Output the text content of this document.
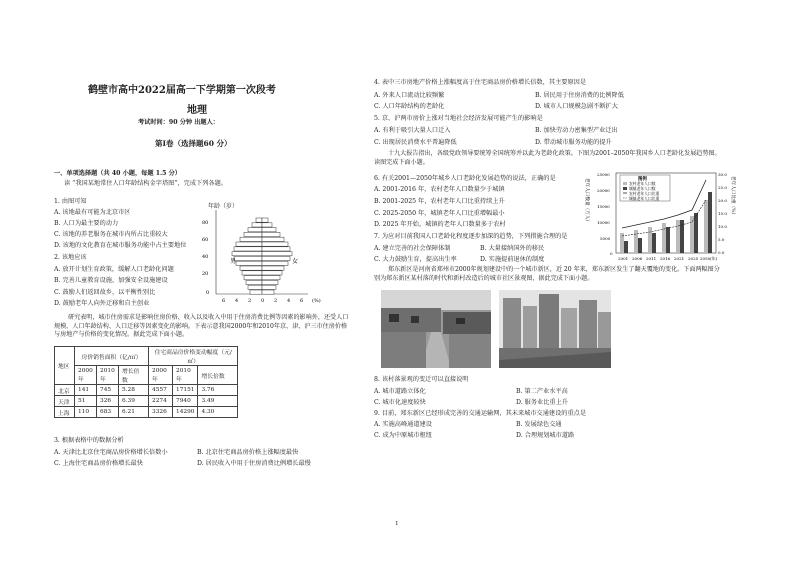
鹤壁市高中2022届高一下学期第一次段考
地理
考试时间：90 分钟 出题人：
第Ⅰ卷（选择题60 分）
一、单项选择题（共 40 小题，每题 1.5 分）
读 “我国某地常住人口年龄结构金字塔图”，完成下列各题。
1. 由图可知
A. 该地最有可能为北京市区
B. 人口为最主要的动力
C. 该地的养老服务在城市内所占比重较大
D. 该地的文化教育在城市服务功能中占主要地位
2. 该地应该
A. 放开计划生育政策，缓解人口老龄化问题
B. 完善儿童教育设施，加强安全设施建设
C. 鼓励人们返回故乡，以平衡性别比
D. 鼓励老年人向外迁移和自主创业
年龄（岁）
80
60
40
20
0
男	女
6 4 2 0 2 4 6 (%)
研究表明，城市住房需求是影响住房价格、收入以及收入中用于住房消费比例等因素的影响外，还受人口规模、人口年龄结构、人口迁移等因素变化的影响。下表示意我国2000年和2010年京、津、沪三市住房价格与房地产与价格的变化情况。据此完成下面小题。
地区	房价销售面积（亿/㎡）			住宅商品房价格变动幅度（元/㎡）		
	2000 年	2010 年	增长倍数	2000 年	2010 年	增长倍数
北京	141	745	5.28	4557	17151	3.76
天津	51	326	6.39	2274	7940	3.49
上海	110	683	6.21	3326	14290	4.30
3. 根据表格中的数据分析
A. 天津比北京住宅商品房价格增长倍数小	B. 北京住宅商品房价格上涨幅度最快
C. 上海住宅商品房价格增长最快	D. 居民收入中用于住房消费比例增长最慢
4. 表中三市房地产价格上涨幅度高于住宅商品房价格增长倍数，其主要原因是
A. 外来人口流动比较频繁	B. 居民用于住房消费的比例降低
C. 人口年龄结构的老龄化	D. 城市人口规模急剧不断扩大
5. 京、沪两市房价上涨对当地社会经济发展可能产生的影响是
A. 有利于吸引大量人口迁入	B. 加快劳动力密集型产业迁出
C. 出现居民消费水平普遍降低	D. 带动城市服务功能的提升
十九大报告指出，各级党政领导要统筹全国统筹并以此为老龄化政策。下图为2001–2050年我国乡人口老龄化发展趋势图。读图完成下面小题。
6. 有关2001—2050年城乡人口老龄化发展趋势的说法，正确的是
A. 2001-2016 年，农村老年人口数量少于城镇
B. 2001-2025 年，农村老年人口比重持续上升
C. 2025-2050 年，城镇老年人口比重增幅最小
D. 2025 年开始，城镇的老年人口数量多于农村
7. 为应对目前我国人口老龄化程度逐步加深的趋势，下列措施合理的是
A. 建立完善的社会保障体制	B. 大量接纳国外的移民
C. 大力鼓励生育，提高出生率	D. 实施提前退休的制度
老年人口数量（万人）	老年人口比重（%）
25000
20000
15000
10000
5000
0
30.0
25.0
20.0
15.0
10.0
5.0
0.0
图例
农村老年人口数
城镇老年人口数
农村老年人口比重
城镇老年人口比重
2001 2006 2011 2016 2021 2025 2050(年)
郑东新区是河南省郑州市2000年规划建设中的一个城市新区，近 20 年来，郑东新区发生了翻天覆地的变化。下面两幅图分别为郑东新区某村落的时代和新村改造后的城市社区景观图，据此完成下面小题。
8. 该村落景观的变迁可以直接说明
A. 城市道路立体化	B. 第二产业水平高
C. 城市化速度较快	D. 服务业比重上升
9. 目前，郑东新区已经形成完善的交通运输网，其未来城市交通建设的重点是
A. 实施高峰通道建设	B. 发展绿色交通
C. 成为中原城市枢纽	D. 合理规划城市道路
1
